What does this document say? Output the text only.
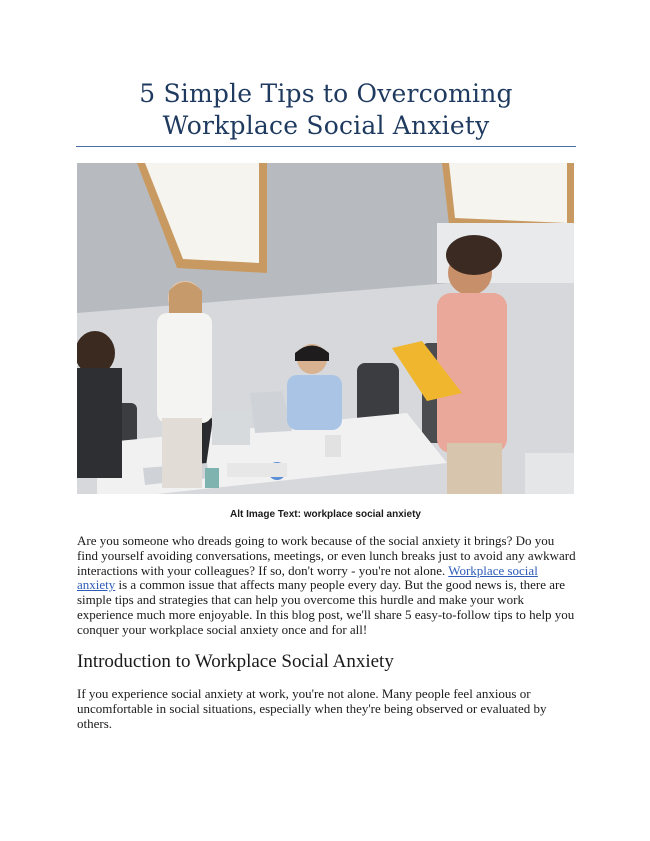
5 Simple Tips to Overcoming Workplace Social Anxiety
Alt Image Text: workplace social anxiety

Are you someone who dreads going to work because of the social anxiety it brings? Do you find yourself avoiding conversations, meetings, or even lunch breaks just to avoid any awkward interactions with your colleagues? If so, don't worry - you're not alone. Workplace social anxiety is a common issue that affects many people every day. But the good news is, there are simple tips and strategies that can help you overcome this hurdle and make your work experience much more enjoyable. In this blog post, we'll share 5 easy-to-follow tips to help you conquer your workplace social anxiety once and for all!

Introduction to Workplace Social Anxiety

If you experience social anxiety at work, you're not alone. Many people feel anxious or uncomfortable in social situations, especially when they're being observed or evaluated by others.
